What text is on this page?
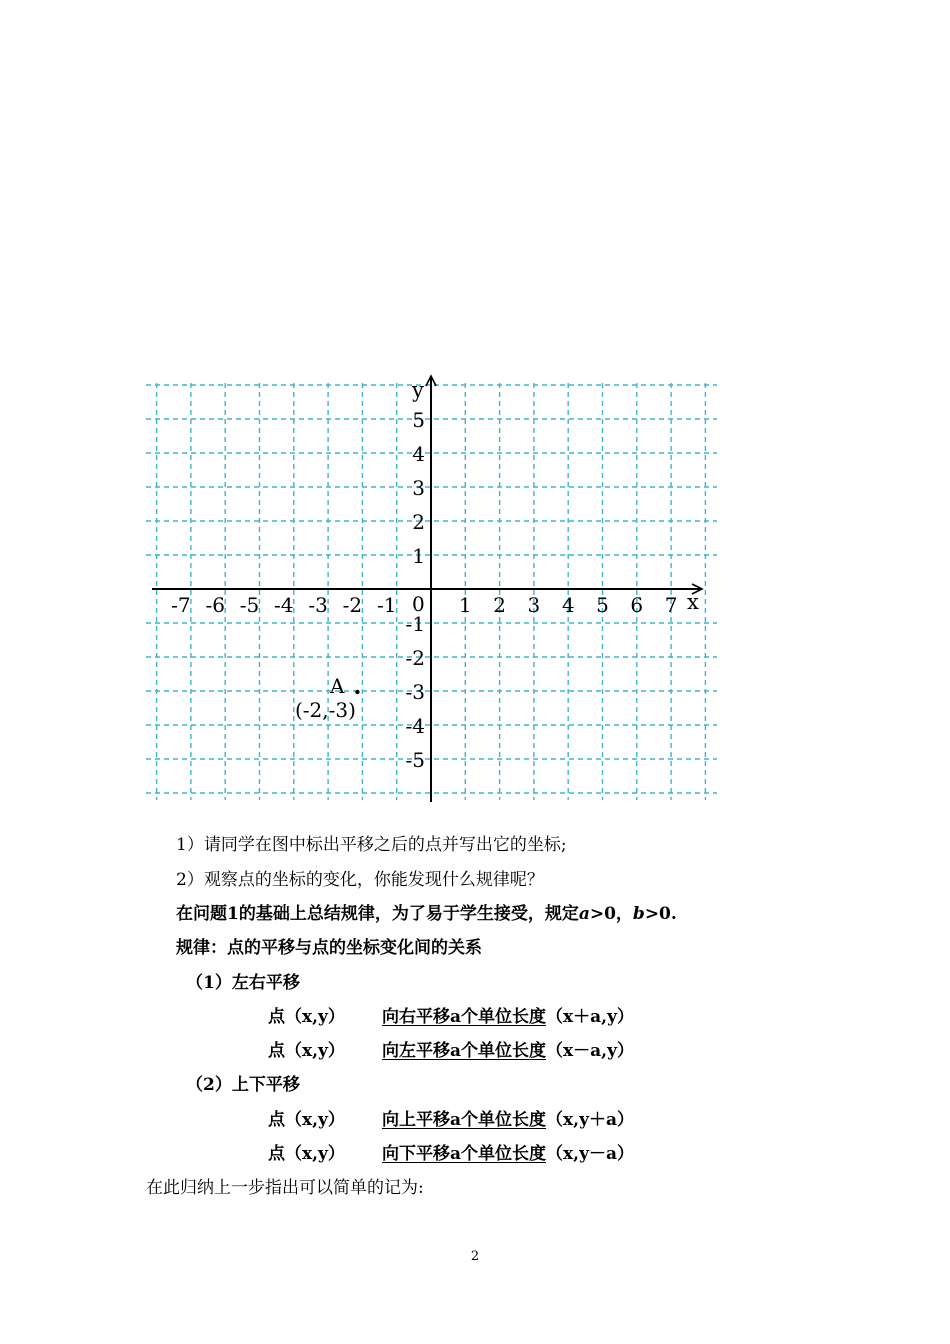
-7 -6 -5 -4 -3 -2 -1	1 2 3 4 5 6 7
5
4
3
2
1
-1
-2
-3
-4
-5
x
y
0
A
(-2,-3)
1）请同学在图中标出平移之后的点并写出它的坐标;
2）观察点的坐标的变化，你能发现什么规律呢？
在问题1的基础上总结规律，为了易于学生接受，规定a>0，b>0.
规律：点的平移与点的坐标变化间的关系
（1）左右平移
点（x,y） 向右平移a个单位长度（x＋a,y）
点（x,y） 向左平移a个单位长度（x－a,y）
（2）上下平移
点（x,y） 向上平移a个单位长度（x,y＋a）
点（x,y） 向下平移a个单位长度（x,y－a）
在此归纳上一步指出可以简单的记为:
2
